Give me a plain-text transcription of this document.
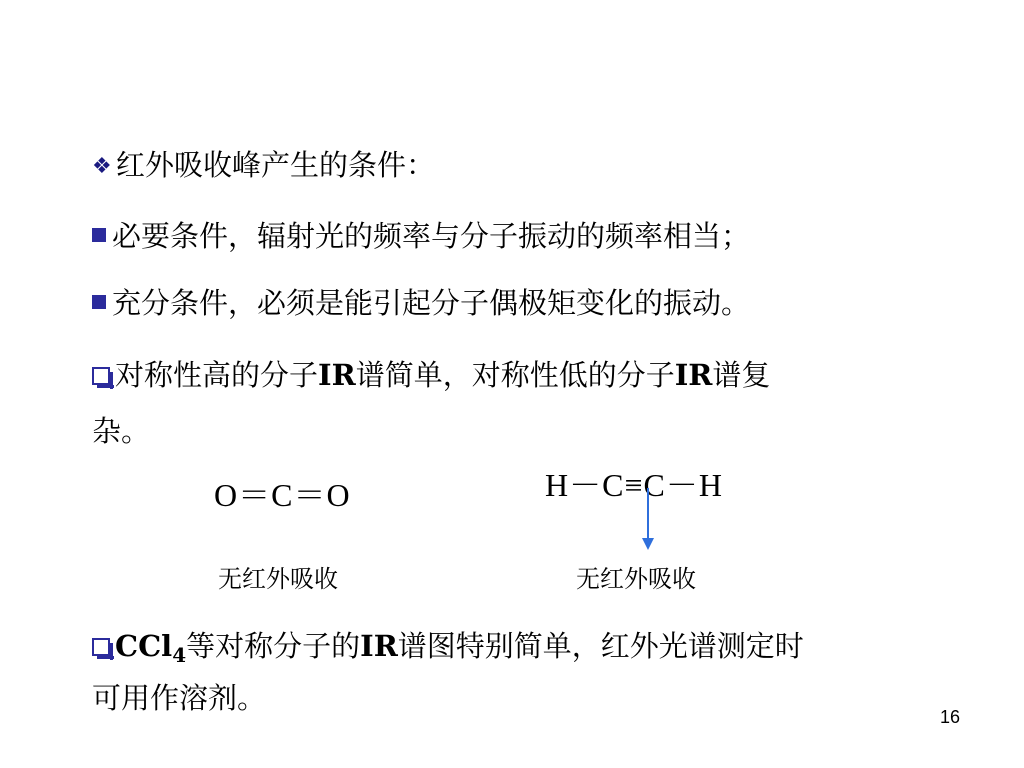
❖ 红外吸收峰产生的条件：
必要条件，辐射光的频率与分子振动的频率相当；
充分条件，必须是能引起分子偶极矩变化的振动。
对称性高的分子IR谱简单，对称性低的分子IR谱复
杂。
O＝C＝O	H－C≡C－H
无红外吸收	无红外吸收
CCl$_4$等对称分子的IR谱图特别简单，红外光谱测定时
可用作溶剂。
16
